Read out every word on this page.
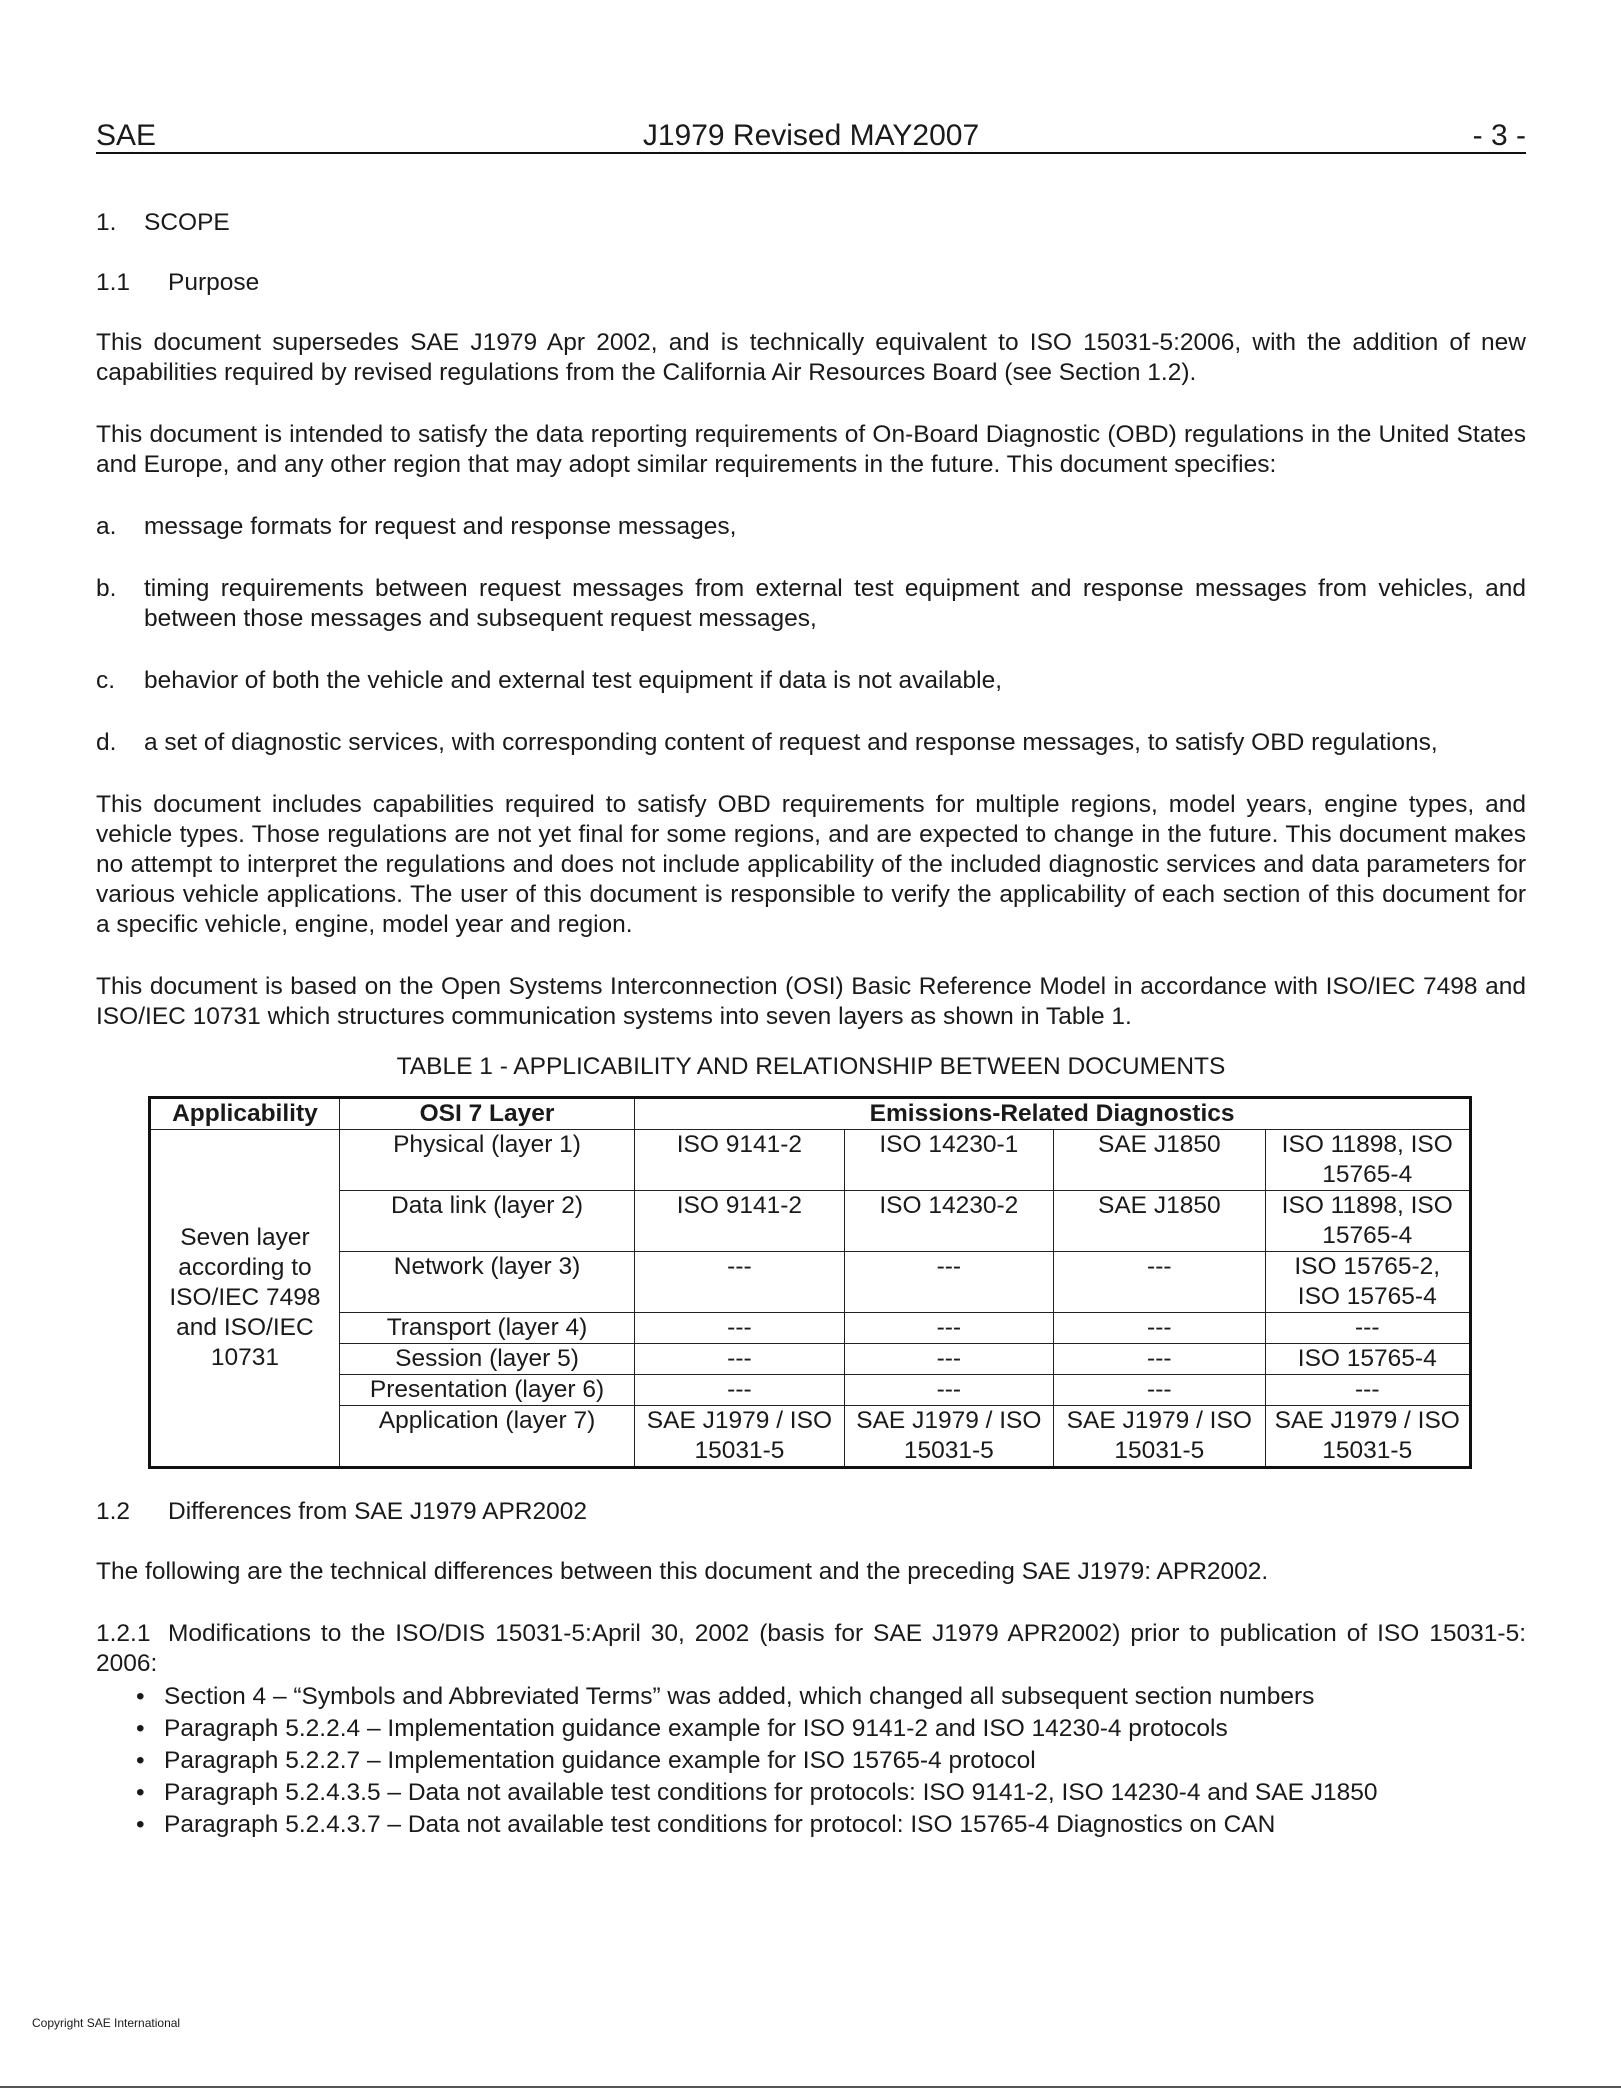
SAE	J1979 Revised MAY2007	- 3 -
1. SCOPE
1.1 Purpose
This document supersedes SAE J1979 Apr 2002, and is technically equivalent to ISO 15031-5:2006, with the addition of new capabilities required by revised regulations from the California Air Resources Board (see Section 1.2).
This document is intended to satisfy the data reporting requirements of On-Board Diagnostic (OBD) regulations in the United States and Europe, and any other region that may adopt similar requirements in the future. This document specifies:
a. message formats for request and response messages,
b. timing requirements between request messages from external test equipment and response messages from vehicles, and between those messages and subsequent request messages,
c. behavior of both the vehicle and external test equipment if data is not available,
d. a set of diagnostic services, with corresponding content of request and response messages, to satisfy OBD regulations,
This document includes capabilities required to satisfy OBD requirements for multiple regions, model years, engine types, and vehicle types. Those regulations are not yet final for some regions, and are expected to change in the future. This document makes no attempt to interpret the regulations and does not include applicability of the included diagnostic services and data parameters for various vehicle applications. The user of this document is responsible to verify the applicability of each section of this document for a specific vehicle, engine, model year and region.
This document is based on the Open Systems Interconnection (OSI) Basic Reference Model in accordance with ISO/IEC 7498 and ISO/IEC 10731 which structures communication systems into seven layers as shown in Table 1.
TABLE 1 - APPLICABILITY AND RELATIONSHIP BETWEEN DOCUMENTS
Applicability	OSI 7 Layer	Emissions-Related Diagnostics			
Seven layer according to ISO/IEC 7498 and ISO/IEC 10731	Physical (layer 1)	ISO 9141-2	ISO 14230-1	SAE J1850	ISO 11898, ISO 15765-4
	Data link (layer 2)	ISO 9141-2	ISO 14230-2	SAE J1850	ISO 11898, ISO 15765-4
	Network (layer 3)	---	---	---	ISO 15765-2, ISO 15765-4
	Transport (layer 4)	---	---	---	---
	Session (layer 5)	---	---	---	ISO 15765-4
	Presentation (layer 6)	---	---	---	---
	Application (layer 7)	SAE J1979 / ISO 15031-5	SAE J1979 / ISO 15031-5	SAE J1979 / ISO 15031-5	SAE J1979 / ISO 15031-5
1.2 Differences from SAE J1979 APR2002
The following are the technical differences between this document and the preceding SAE J1979: APR2002.
1.2.1 Modifications to the ISO/DIS 15031-5:April 30, 2002 (basis for SAE J1979 APR2002) prior to publication of ISO 15031-5: 2006:
• Section 4 – “Symbols and Abbreviated Terms” was added, which changed all subsequent section numbers
• Paragraph 5.2.2.4 – Implementation guidance example for ISO 9141-2 and ISO 14230-4 protocols
• Paragraph 5.2.2.7 – Implementation guidance example for ISO 15765-4 protocol
• Paragraph 5.2.4.3.5 – Data not available test conditions for protocols: ISO 9141-2, ISO 14230-4 and SAE J1850
• Paragraph 5.2.4.3.7 – Data not available test conditions for protocol: ISO 15765-4 Diagnostics on CAN
Copyright SAE International
